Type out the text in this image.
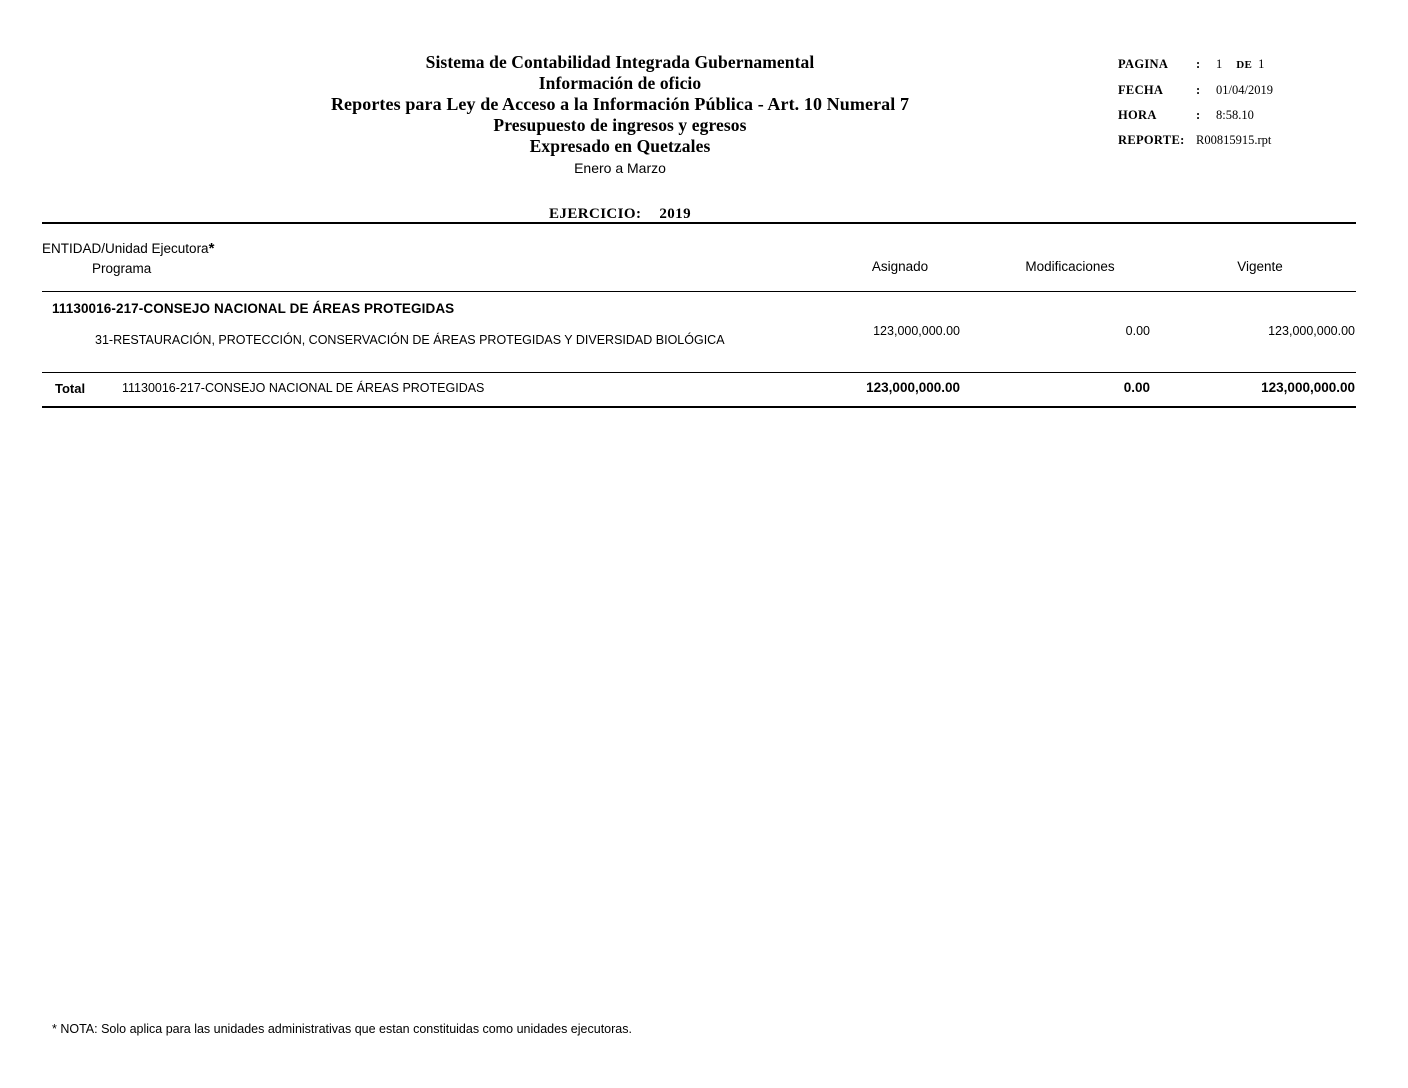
Sistema de Contabilidad Integrada Gubernamental
Información de oficio
Reportes para Ley de Acceso a la Información Pública - Art. 10 Numeral 7
Presupuesto de ingresos y egresos
Expresado en Quetzales
Enero a Marzo
EJERCICIO: 2019
PAGINA	:	1 DE 1
FECHA	:	01/04/2019
HORA	:	8:58.10
REPORTE: R00815915.rpt
ENTIDAD/Unidad Ejecutora*
Programa	Asignado	Modificaciones	Vigente
11130016-217-CONSEJO NACIONAL DE ÁREAS PROTEGIDAS
31-RESTAURACIÓN, PROTECCIÓN, CONSERVACIÓN DE ÁREAS PROTEGIDAS Y DIVERSIDAD BIOLÓGICA
123,000,000.00	0.00	123,000,000.00
Total	11130016-217-CONSEJO NACIONAL DE ÁREAS PROTEGIDAS	123,000,000.00	0.00	123,000,000.00
* NOTA: Solo aplica para las unidades administrativas que estan constituidas como unidades ejecutoras.
